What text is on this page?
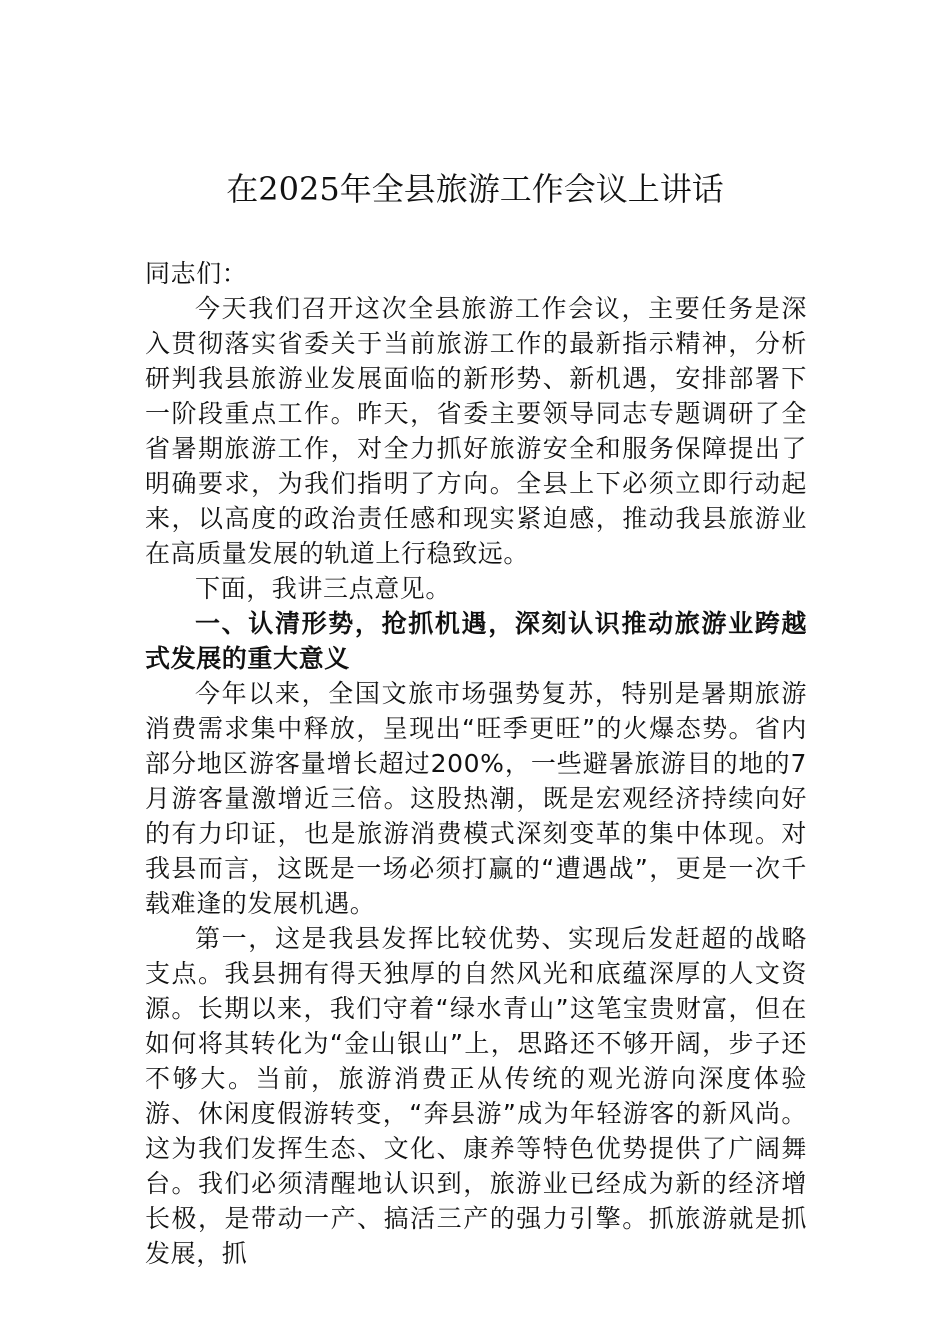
在2025年全县旅游工作会议上讲话

同志们：

今天我们召开这次全县旅游工作会议，主要任务是深入贯彻落实省委关于当前旅游工作的最新指示精神，分析研判我县旅游业发展面临的新形势、新机遇，安排部署下一阶段重点工作。昨天，省委主要领导同志专题调研了全省暑期旅游工作，对全力抓好旅游安全和服务保障提出了明确要求，为我们指明了方向。全县上下必须立即行动起来，以高度的政治责任感和现实紧迫感，推动我县旅游业在高质量发展的轨道上行稳致远。

下面，我讲三点意见。

一、认清形势，抢抓机遇，深刻认识推动旅游业跨越式发展的重大意义

今年以来，全国文旅市场强势复苏，特别是暑期旅游消费需求集中释放，呈现出“旺季更旺”的火爆态势。省内部分地区游客量增长超过200%，一些避暑旅游目的地的7月游客量激增近三倍。这股热潮，既是宏观经济持续向好的有力印证，也是旅游消费模式深刻变革的集中体现。对我县而言，这既是一场必须打赢的“遭遇战”，更是一次千载难逢的发展机遇。

第一，这是我县发挥比较优势、实现后发赶超的战略支点。我县拥有得天独厚的自然风光和底蕴深厚的人文资源。长期以来，我们守着“绿水青山”这笔宝贵财富，但在如何将其转化为“金山银山”上，思路还不够开阔，步子还不够大。当前，旅游消费正从传统的观光游向深度体验游、休闲度假游转变，“奔县游”成为年轻游客的新风尚。这为我们发挥生态、文化、康养等特色优势提供了广阔舞台。我们必须清醒地认识到，旅游业已经成为新的经济增长极，是带动一产、搞活三产的强力引擎。抓旅游就是抓发展，抓
